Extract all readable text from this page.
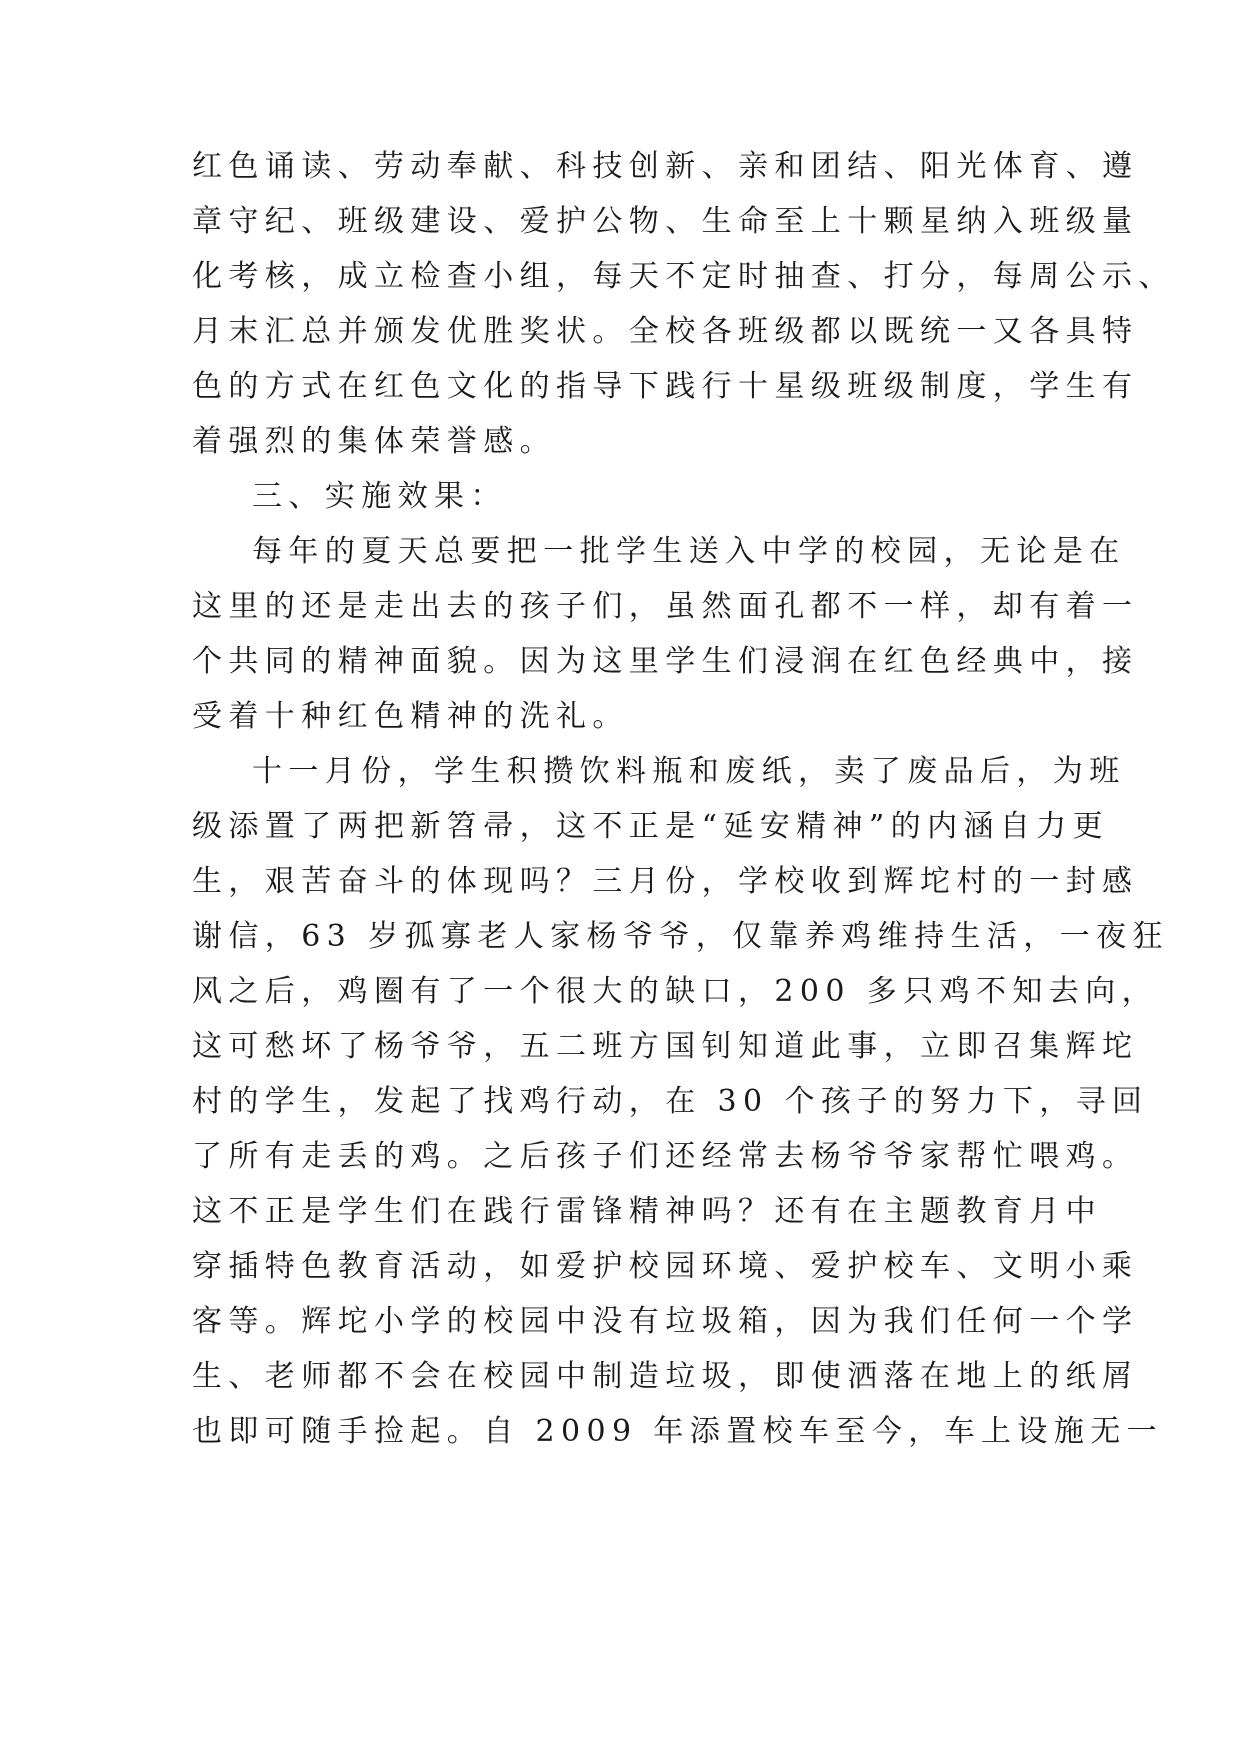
红色诵读、劳动奉献、科技创新、亲和团结、阳光体育、遵
章守纪、班级建设、爱护公物、生命至上十颗星纳入班级量
化考核，成立检查小组，每天不定时抽查、打分，每周公示、
月末汇总并颁发优胜奖状。全校各班级都以既统一又各具特
色的方式在红色文化的指导下践行十星级班级制度，学生有
着强烈的集体荣誉感。
三、实施效果：
每年的夏天总要把一批学生送入中学的校园，无论是在
这里的还是走出去的孩子们，虽然面孔都不一样，却有着一
个共同的精神面貌。因为这里学生们浸润在红色经典中，接
受着十种红色精神的洗礼。
十一月份，学生积攒饮料瓶和废纸，卖了废品后，为班
级添置了两把新笤帚，这不正是“延安精神”的内涵自力更
生，艰苦奋斗的体现吗？三月份，学校收到辉坨村的一封感
谢信，63 岁孤寡老人家杨爷爷，仅靠养鸡维持生活，一夜狂
风之后，鸡圈有了一个很大的缺口，200 多只鸡不知去向，
这可愁坏了杨爷爷，五二班方国钊知道此事，立即召集辉坨
村的学生，发起了找鸡行动，在 30 个孩子的努力下，寻回
了所有走丢的鸡。之后孩子们还经常去杨爷爷家帮忙喂鸡。
这不正是学生们在践行雷锋精神吗？还有在主题教育月中
穿插特色教育活动，如爱护校园环境、爱护校车、文明小乘
客等。辉坨小学的校园中没有垃圾箱，因为我们任何一个学
生、老师都不会在校园中制造垃圾，即使洒落在地上的纸屑
也即可随手捡起。自 2009 年添置校车至今，车上设施无一
